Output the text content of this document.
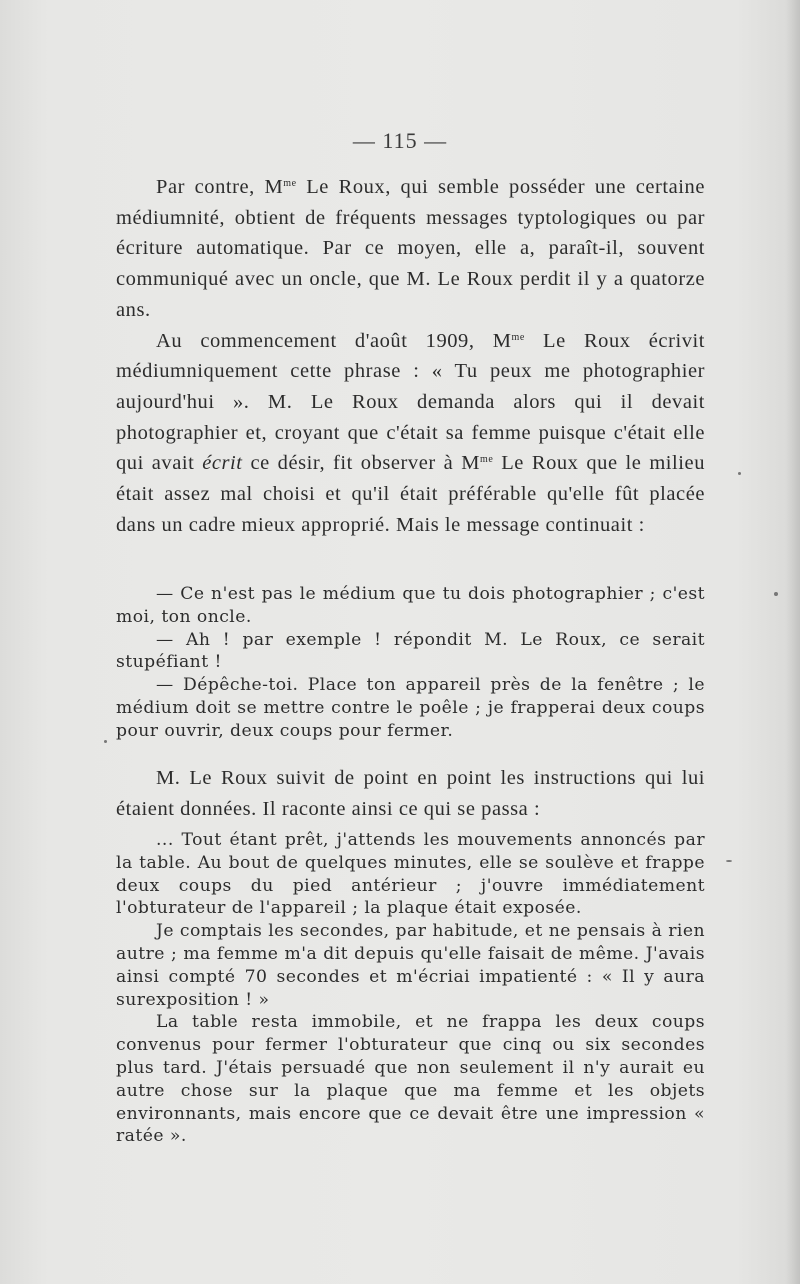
— 115 —

Par contre, $M^{me}$ Le Roux, qui semble posséder une certaine médiumnité, obtient de fréquents messages typtologiques ou par écriture automatique. Par ce moyen, elle a, paraît-il, souvent communiqué avec un oncle, que M. Le Roux perdit il y a quatorze ans.

Au commencement d'août 1909, $M^{me}$ Le Roux écrivit médiumniquement cette phrase : « Tu peux me photographier aujourd'hui ». M. Le Roux demanda alors qui il devait photographier et, croyant que c'était sa femme puisque c'était elle qui avait écrit ce désir, fit observer à $M^{me}$ Le Roux que le milieu était assez mal choisi et qu'il était préférable qu'elle fût placée dans un cadre mieux approprié. Mais le message continuait :

— Ce n'est pas le médium que tu dois photographier ; c'est moi, ton oncle.

— Ah ! par exemple ! répondit M. Le Roux, ce serait stupéfiant !

— Dépêche-toi. Place ton appareil près de la fenêtre ; le médium doit se mettre contre le poêle ; je frapperai deux coups pour ouvrir, deux coups pour fermer.

M. Le Roux suivit de point en point les instructions qui lui étaient données. Il raconte ainsi ce qui se passa :

... Tout étant prêt, j'attends les mouvements annoncés par la table. Au bout de quelques minutes, elle se soulève et frappe deux coups du pied antérieur ; j'ouvre immédiatement l'obturateur de l'appareil ; la plaque était exposée.

Je comptais les secondes, par habitude, et ne pensais à rien autre ; ma femme m'a dit depuis qu'elle faisait de même. J'avais ainsi compté 70 secondes et m'écriai impatienté : « Il y aura surexposition ! »

La table resta immobile, et ne frappa les deux coups convenus pour fermer l'obturateur que cinq ou six secondes plus tard. J'étais persuadé que non seulement il n'y aurait eu autre chose sur la plaque que ma femme et les objets environnants, mais encore que ce devait être une impression « ratée ».
